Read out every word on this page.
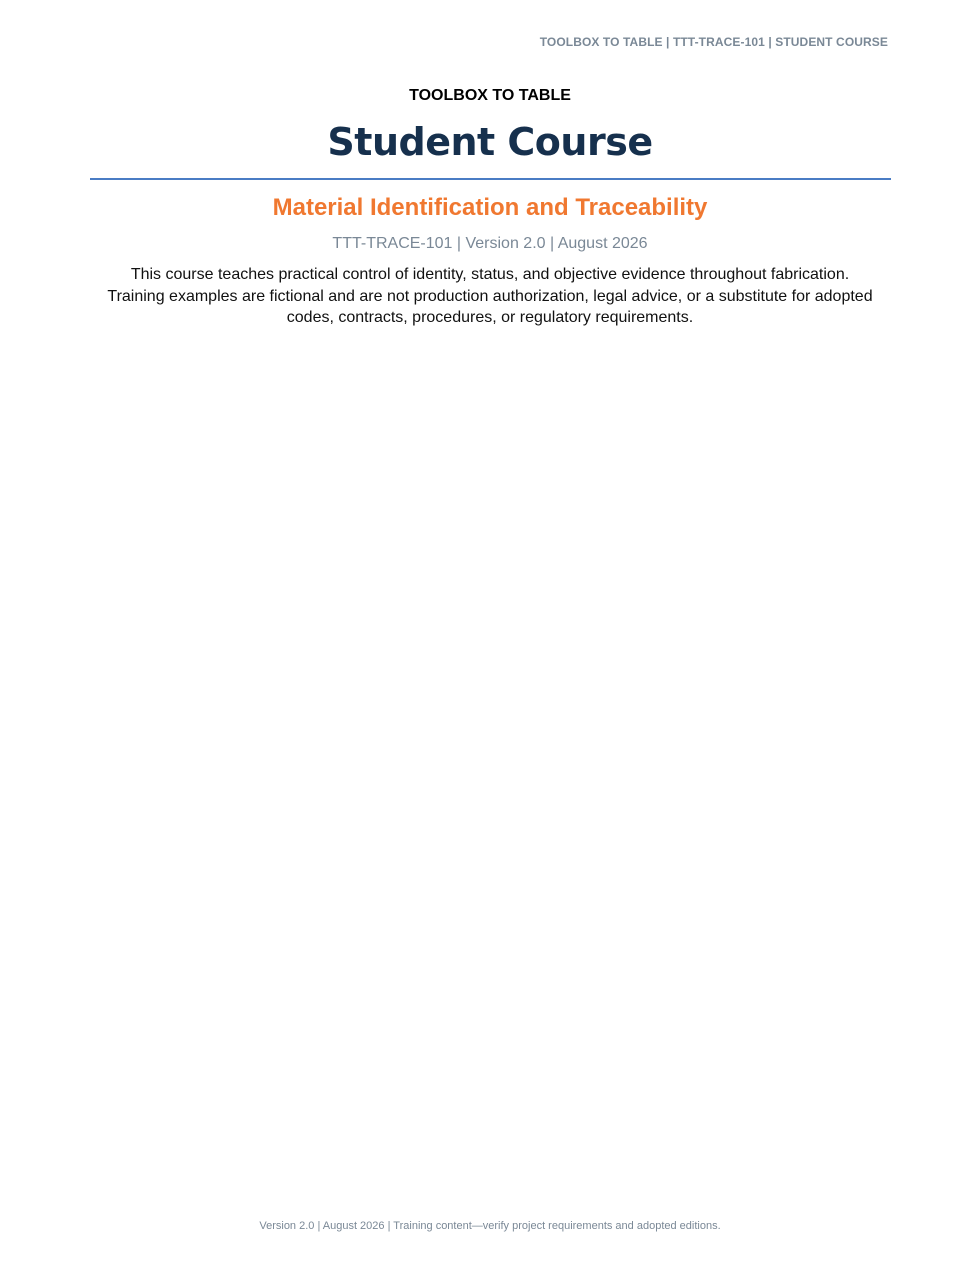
TOOLBOX TO TABLE | TTT-TRACE-101 | STUDENT COURSE
TOOLBOX TO TABLE
Student Course
Material Identification and Traceability
TTT-TRACE-101 | Version 2.0 | August 2026
This course teaches practical control of identity, status, and objective evidence throughout fabrication. Training examples are fictional and are not production authorization, legal advice, or a substitute for adopted codes, contracts, procedures, or regulatory requirements.
Version 2.0 | August 2026 | Training content—verify project requirements and adopted editions.
